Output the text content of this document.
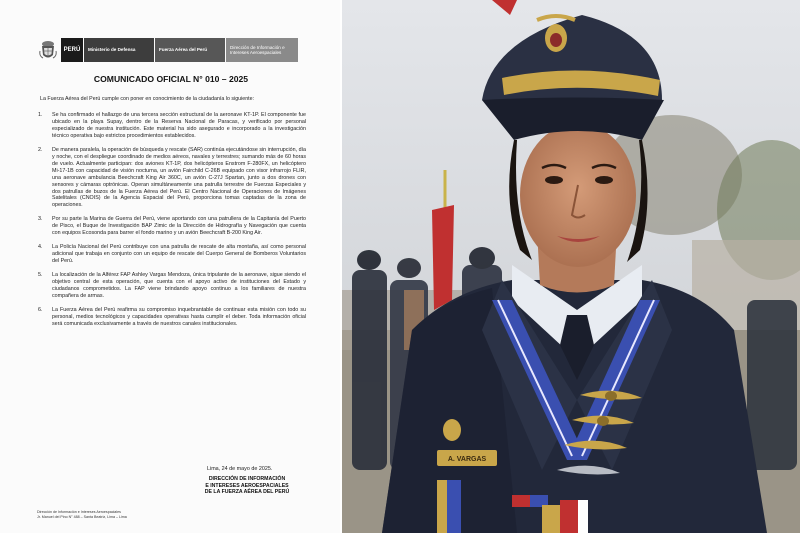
PERÚ	Ministerio de Defensa	Fuerza Aérea del Perú
Dirección de Información e Intereses Aeroespaciales
COMUNICADO OFICIAL N° 010 – 2025
La Fuerza Aérea del Perú cumple con poner en conocimiento de la ciudadanía lo siguiente:
1.	Se ha confirmado el hallazgo de una tercera sección estructural de la aeronave KT-1P. El componente fue ubicado en la playa Supay, dentro de la Reserva Nacional de Paracas, y verificado por personal especializado de nuestra institución. Este material ha sido asegurado e incorporado a la investigación técnico operativa bajo estrictos procedimientos establecidos.
2.	De manera paralela, la operación de búsqueda y rescate (SAR) continúa ejecutándose sin interrupción, día y noche, con el despliegue coordinado de medios aéreos, navales y terrestres; sumando más de 60 horas de vuelo. Actualmente participan: dos aviones KT-1P, dos helicópteros Enstrom F-280FX, un helicóptero Mi-17-1B con capacidad de visión nocturna, un avión Fairchild C-26B equipado con visor infrarrojo FLIR, una aeronave ambulancia Beechcraft King Air 360C, un avión C-27J Spartan, junto a dos drones con sensores y cámaras optrónicas. Operan simultáneamente una patrulla terrestre de Fuerzas Especiales y dos patrullas de buzos de la Fuerza Aérea del Perú. El Centro Nacional de Operaciones de Imágenes Satelitales (CNOIS) de la Agencia Espacial del Perú, proporciona tomas captadas de la zona de operaciones.
3.	Por su parte la Marina de Guerra del Perú, viene aportando con una patrullera de la Capitanía del Puerto de Pisco, el Buque de Investigación BAP Zimic de la Dirección de Hidrografía y Navegación que cuenta con equipos Ecosonda para barrer el fondo marino y un avión Beechcraft B-200 King Air.
4.	La Policía Nacional del Perú contribuye con una patrulla de rescate de alta montaña, así como personal adicional que trabaja en conjunto con un equipo de rescate del Cuerpo General de Bomberos Voluntarios del Perú.
5.	La localización de la Alférez FAP Ashley Vargas Mendoza, única tripulante de la aeronave, sigue siendo el objetivo central de esta operación, que cuenta con el apoyo activo de instituciones del Estado y ciudadanos comprometidos. La FAP viene brindando apoyo continuo a los familiares de nuestra compañera de armas.
6.	La Fuerza Aérea del Perú reafirma su compromiso inquebrantable de continuar esta misión con todo su personal, medios tecnológicos y capacidades operativas hasta cumplir el deber. Toda información oficial será comunicada exclusivamente a través de nuestros canales institucionales.
Lima, 24 de mayo de 2025.
DIRECCIÓN DE INFORMACIÓN
E INTERESES AEROESPACIALES
DE LA FUERZA AÉREA DEL PERÚ
Dirección de Información e Intereses Aeroespaciales
Jr. Manuel del Pino N° 488 – Santa Beatriz, Lima – Lima
A. VARGAS
